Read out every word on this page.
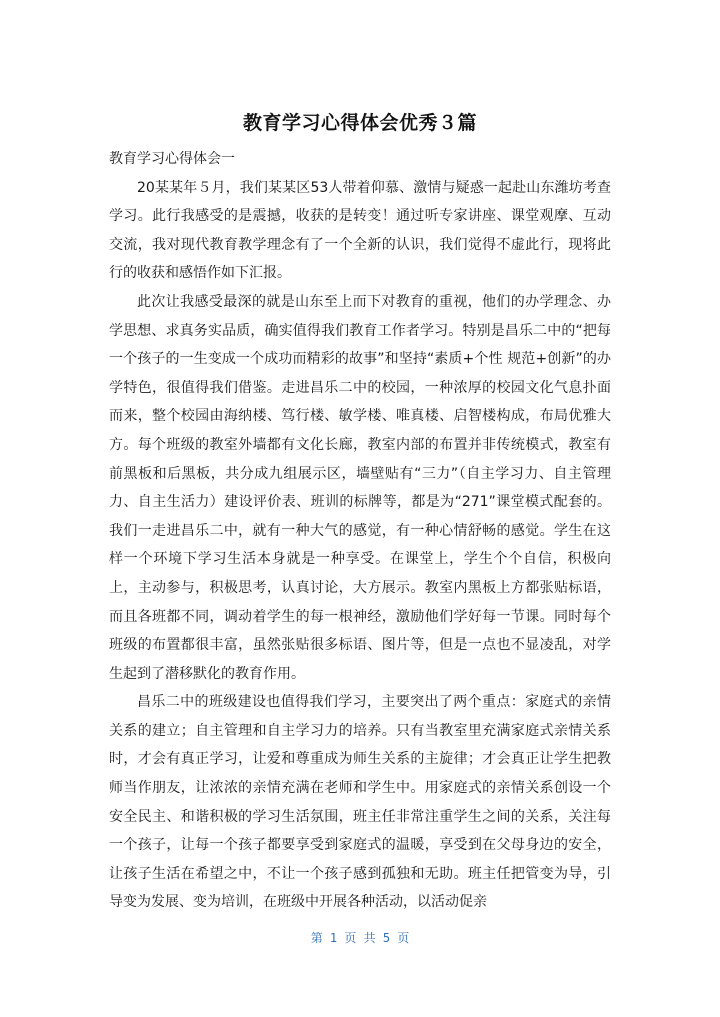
教育学习心得体会优秀３篇

教育学习心得体会一

20某某年５月，我们某某区53人带着仰慕、激情与疑惑一起赴山东潍坊考查学习。此行我感受的是震撼，收获的是转变！通过听专家讲座、课堂观摩、互动交流，我对现代教育教学理念有了一个全新的认识，我们觉得不虚此行，现将此行的收获和感悟作如下汇报。

此次让我感受最深的就是山东至上而下对教育的重视，他们的办学理念、办学思想、求真务实品质，确实值得我们教育工作者学习。特别是昌乐二中的“把每一个孩子的一生变成一个成功而精彩的故事”和坚持“素质+个性 规范+创新”的办学特色，很值得我们借鉴。走进昌乐二中的校园，一种浓厚的校园文化气息扑面而来，整个校园由海纳楼、笃行楼、敏学楼、唯真楼、启智楼构成，布局优雅大方。每个班级的教室外墙都有文化长廊，教室内部的布置并非传统模式，教室有前黑板和后黑板，共分成九组展示区，墙壁贴有“三力”（自主学习力、自主管理力、自主生活力）建设评价表、班训的标牌等，都是为“271”课堂模式配套的。我们一走进昌乐二中，就有一种大气的感觉，有一种心情舒畅的感觉。学生在这样一个环境下学习生活本身就是一种享受。在课堂上，学生个个自信，积极向上，主动参与，积极思考，认真讨论，大方展示。教室内黑板上方都张贴标语，而且各班都不同，调动着学生的每一根神经，激励他们学好每一节课。同时每个班级的布置都很丰富，虽然张贴很多标语、图片等，但是一点也不显凌乱，对学生起到了潜移默化的教育作用。

昌乐二中的班级建设也值得我们学习，主要突出了两个重点：家庭式的亲情关系的建立；自主管理和自主学习力的培养。只有当教室里充满家庭式亲情关系时，才会有真正学习，让爱和尊重成为师生关系的主旋律；才会真正让学生把教师当作朋友，让浓浓的亲情充满在老师和学生中。用家庭式的亲情关系创设一个安全民主、和谐积极的学习生活氛围，班主任非常注重学生之间的关系，关注每一个孩子，让每一个孩子都要享受到家庭式的温暖，享受到在父母身边的安全，让孩子生活在希望之中，不让一个孩子感到孤独和无助。班主任把管变为导，引导变为发展、变为培训，在班级中开展各种活动，以活动促亲

第 1 页 共 5 页
